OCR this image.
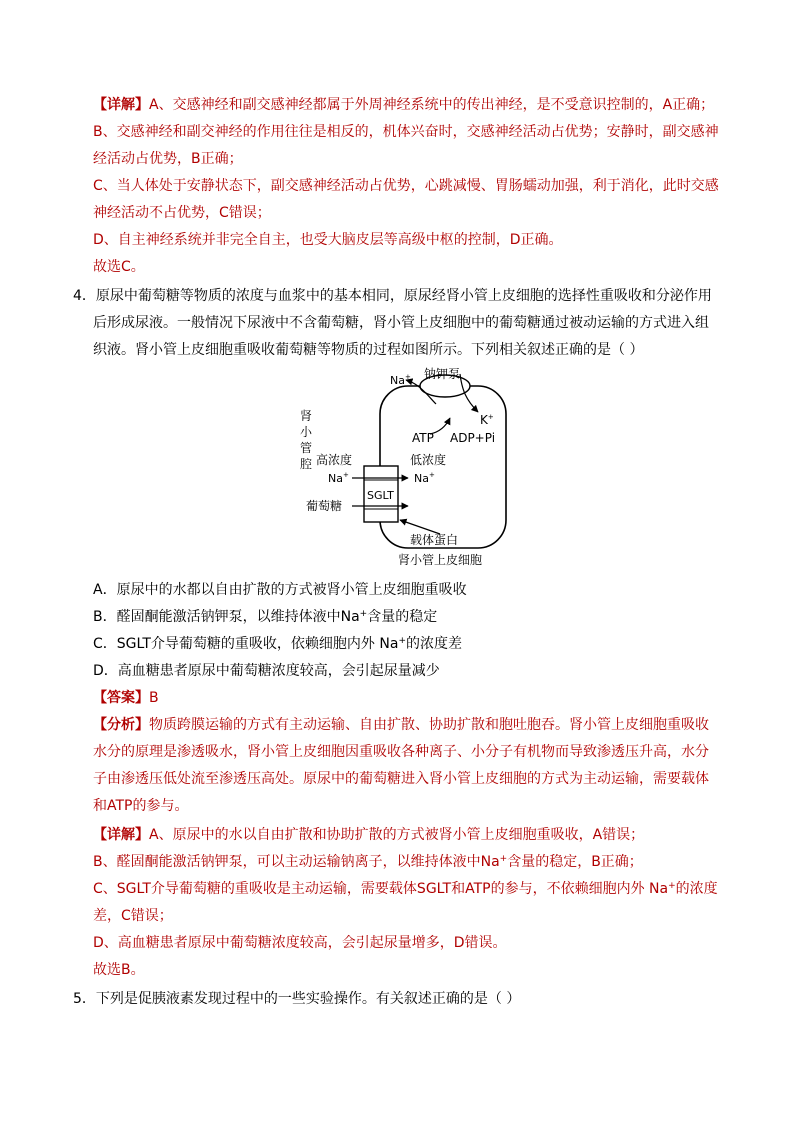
【详解】A、交感神经和副交感神经都属于外周神经系统中的传出神经，是不受意识控制的，A正确；
B、交感神经和副交神经的作用往往是相反的，机体兴奋时，交感神经活动占优势；安静时，副交感神
经活动占优势，B正确；
C、当人体处于安静状态下，副交感神经活动占优势，心跳减慢、胃肠蠕动加强，利于消化，此时交感
神经活动不占优势，C错误；
D、自主神经系统并非完全自主，也受大脑皮层等高级中枢的控制，D正确。
故选C。
4．原尿中葡萄糖等物质的浓度与血浆中的基本相同，原尿经肾小管上皮细胞的选择性重吸收和分泌作用
后形成尿液。一般情况下尿液中不含葡萄糖，肾小管上皮细胞中的葡萄糖通过被动运输的方式进入组
织液。肾小管上皮细胞重吸收葡萄糖等物质的过程如图所示。下列相关叙述正确的是（ ）
Na+ 钠钾泵
K+
ATP ADP+Pi
肾
小
管
腔 高浓度
Na+
低浓度
Na+
SGLT
葡萄糖
载体蛋白
肾小管上皮细胞
A．原尿中的水都以自由扩散的方式被肾小管上皮细胞重吸收
B．醛固酮能激活钠钾泵，以维持体液中Na+含量的稳定
C．SGLT介导葡萄糖的重吸收，依赖细胞内外 Na+的浓度差
D．高血糖患者原尿中葡萄糖浓度较高，会引起尿量减少
【答案】B
【分析】物质跨膜运输的方式有主动运输、自由扩散、协助扩散和胞吐胞吞。肾小管上皮细胞重吸收
水分的原理是渗透吸水，肾小管上皮细胞因重吸收各种离子、小分子有机物而导致渗透压升高，水分
子由渗透压低处流至渗透压高处。原尿中的葡萄糖进入肾小管上皮细胞的方式为主动运输，需要载体
和ATP的参与。
【详解】A、原尿中的水以自由扩散和协助扩散的方式被肾小管上皮细胞重吸收，A错误；
B、醛固酮能激活钠钾泵，可以主动运输钠离子，以维持体液中Na+含量的稳定，B正确；
C、SGLT介导葡萄糖的重吸收是主动运输，需要载体SGLT和ATP的参与，不依赖细胞内外 Na+的浓度
差，C错误；
D、高血糖患者原尿中葡萄糖浓度较高，会引起尿量增多，D错误。
故选B。
5．下列是促胰液素发现过程中的一些实验操作。有关叙述正确的是（ ）
